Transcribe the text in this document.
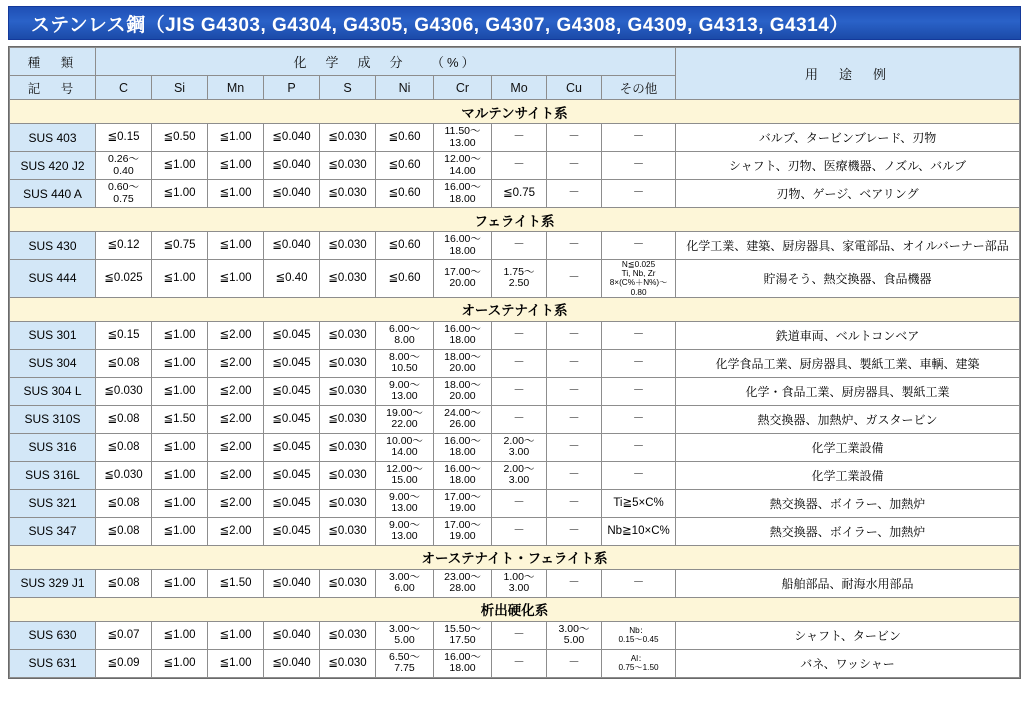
ステンレス鋼（JIS G4303, G4304, G4305, G4306, G4307, G4308, G4309, G4313, G4314）
種　類	化　学　成　分　　（%）										用　途　例
記　号	C	Si	Mn	P	S	Ni	Cr	Mo	Cu	その他	
マルテンサイト系											
SUS 403	≦0.15	≦0.50	≦1.00	≦0.040	≦0.030	≦0.60	11.50～
13.00	－	－	－	バルブ、タービンブレード、刃物
SUS 420 J2	0.26～
0.40	≦1.00	≦1.00	≦0.040	≦0.030	≦0.60	12.00～
14.00	－	－	－	シャフト、刃物、医療機器、ノズル、バルブ
SUS 440 A	0.60～
0.75	≦1.00	≦1.00	≦0.040	≦0.030	≦0.60	16.00～
18.00	≦0.75	－	－	刃物、ゲージ、ベアリング
フェライト系											
SUS 430	≦0.12	≦0.75	≦1.00	≦0.040	≦0.030	≦0.60	16.00～
18.00	－	－	－	化学工業、建築、厨房器具、家電部品、オイルバーナー部品
SUS 444	≦0.025	≦1.00	≦1.00	≦0.40	≦0.030	≦0.60	17.00～
20.00	1.75～
2.50	－	N≦0.025
Ti, Nb, Zr
8×(C%＋N%)～0.80	貯湯そう、熱交換器、食品機器
オーステナイト系											
SUS 301	≦0.15	≦1.00	≦2.00	≦0.045	≦0.030	6.00～
8.00	16.00～
18.00	－	－	－	鉄道車両、ベルトコンベア
SUS 304	≦0.08	≦1.00	≦2.00	≦0.045	≦0.030	8.00～
10.50	18.00～
20.00	－	－	－	化学食品工業、厨房器具、製紙工業、車輌、建築
SUS 304 L	≦0.030	≦1.00	≦2.00	≦0.045	≦0.030	9.00～
13.00	18.00～
20.00	－	－	－	化学・食品工業、厨房器具、製紙工業
SUS 310S	≦0.08	≦1.50	≦2.00	≦0.045	≦0.030	19.00～
22.00	24.00～
26.00	－	－	－	熱交換器、加熱炉、ガスタービン
SUS 316	≦0.08	≦1.00	≦2.00	≦0.045	≦0.030	10.00～
14.00	16.00～
18.00	2.00～
3.00	－	－	化学工業設備
SUS 316L	≦0.030	≦1.00	≦2.00	≦0.045	≦0.030	12.00～
15.00	16.00～
18.00	2.00～
3.00	－	－	化学工業設備
SUS 321	≦0.08	≦1.00	≦2.00	≦0.045	≦0.030	9.00～
13.00	17.00～
19.00	－	－	Ti≧5×C%	熱交換器、ボイラー、加熱炉
SUS 347	≦0.08	≦1.00	≦2.00	≦0.045	≦0.030	9.00～
13.00	17.00～
19.00	－	－	Nb≧10×C%	熱交換器、ボイラー、加熱炉
オーステナイト・フェライト系											
SUS 329 J1	≦0.08	≦1.00	≦1.50	≦0.040	≦0.030	3.00～
6.00	23.00～
28.00	1.00～
3.00	－	－	船舶部品、耐海水用部品
析出硬化系											
SUS 630	≦0.07	≦1.00	≦1.00	≦0.040	≦0.030	3.00～
5.00	15.50～
17.50	－	3.00～
5.00	Nb：
0.15～0.45	シャフト、タービン
SUS 631	≦0.09	≦1.00	≦1.00	≦0.040	≦0.030	6.50～
7.75	16.00～
18.00	－	－	Al：
0.75～1.50	バネ、ワッシャー
